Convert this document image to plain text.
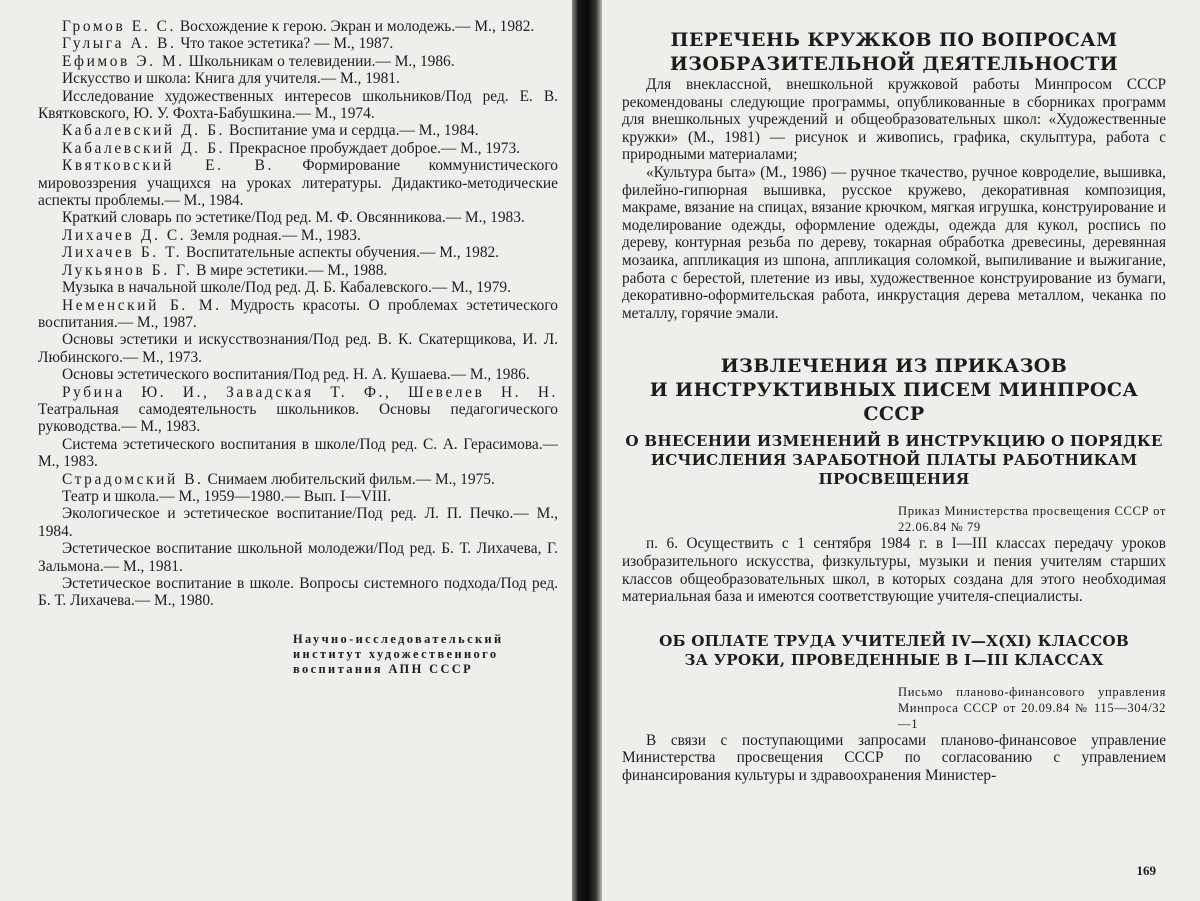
Громов Е. С. Восхождение к герою. Экран и молодежь.— М., 1982.
Гулыга А. В. Что такое эстетика? — М., 1987.
Ефимов Э. М. Школьникам о телевидении.— М., 1986.
Искусство и школа: Книга для учителя.— М., 1981.
Исследование художественных интересов школьников/Под ред. Е. В. Квятковского, Ю. У. Фохта-Бабушкина.— М., 1974.
Кабалевский Д. Б. Воспитание ума и сердца.— М., 1984.
Кабалевский Д. Б. Прекрасное пробуждает доброе.— М., 1973.
Квятковский Е. В. Формирование коммунистического мировоззрения учащихся на уроках литературы. Дидактико-методические аспекты проблемы.— М., 1984.
Краткий словарь по эстетике/Под ред. М. Ф. Овсянникова.— М., 1983.
Лихачев Д. С. Земля родная.— М., 1983.
Лихачев Б. Т. Воспитательные аспекты обучения.— М., 1982.
Лукьянов Б. Г. В мире эстетики.— М., 1988.
Музыка в начальной школе/Под ред. Д. Б. Кабалевского.— М., 1979.
Неменский Б. М. Мудрость красоты. О проблемах эстетического воспитания.— М., 1987.
Основы эстетики и искусствознания/Под ред. В. К. Скатерщикова, И. Л. Любинского.— М., 1973.
Основы эстетического воспитания/Под ред. Н. А. Кушаева.— М., 1986.
Рубина Ю. И., Завадская Т. Ф., Шевелев Н. Н. Театральная самодеятельность школьников. Основы педагогического руководства.— М., 1983.
Система эстетического воспитания в школе/Под ред. С. А. Герасимова.— М., 1983.
Страдомский В. Снимаем любительский фильм.— М., 1975.
Театр и школа.— М., 1959—1980.— Вып. I—VIII.
Экологическое и эстетическое воспитание/Под ред. Л. П. Печко.— М., 1984.
Эстетическое воспитание школьной молодежи/Под ред. Б. Т. Лихачева, Г. Зальмона.— М., 1981.
Эстетическое воспитание в школе. Вопросы системного подхода/Под ред. Б. Т. Лихачева.— М., 1980.
Научно-исследовательский
институт художественного
воспитания АПН СССР
ПЕРЕЧЕНЬ КРУЖКОВ ПО ВОПРОСАМ
ИЗОБРАЗИТЕЛЬНОЙ ДЕЯТЕЛЬНОСТИ

Для внеклассной, внешкольной кружковой работы Минпросом СССР рекомендованы следующие программы, опубликованные в сборниках программ для внешкольных учреждений и общеобразовательных школ: «Художественные кружки» (М., 1981) — рисунок и живопись, графика, скульптура, работа с природными материалами;

«Культура быта» (М., 1986) — ручное ткачество, ручное ковроделие, вышивка, филейно-гипюрная вышивка, русское кружево, декоративная композиция, макраме, вязание на спицах, вязание крючком, мягкая игрушка, конструирование и моделирование одежды, оформление одежды, одежда для кукол, роспись по дереву, контурная резьба по дереву, токарная обработка древесины, деревянная мозаика, аппликация из шпона, аппликация соломкой, выпиливание и выжигание, работа с берестой, плетение из ивы, художественное конструирование из бумаги, декоративно-оформительская работа, инкрустация дерева металлом, чеканка по металлу, горячие эмали.

ИЗВЛЕЧЕНИЯ ИЗ ПРИКАЗОВ
И ИНСТРУКТИВНЫХ ПИСЕМ МИНПРОСА СССР
О ВНЕСЕНИИ ИЗМЕНЕНИЙ В ИНСТРУКЦИЮ О ПОРЯДКЕ
ИСЧИСЛЕНИЯ ЗАРАБОТНОЙ ПЛАТЫ РАБОТНИКАМ
ПРОСВЕЩЕНИЯ
Приказ Министерства просвещения СССР от 22.06.84 № 79

п. 6. Осуществить с 1 сентября 1984 г. в I—III классах передачу уроков изобразительного искусства, физкультуры, музыки и пения учителям старших классов общеобразовательных школ, в которых создана для этого необходимая материальная база и имеются соответствующие учителя-специалисты.

ОБ ОПЛАТЕ ТРУДА УЧИТЕЛЕЙ IV—X(XI) КЛАССОВ
ЗА УРОКИ, ПРОВЕДЕННЫЕ В I—III КЛАССАХ
Письмо планово-финансового управления Минпроса СССР от 20.09.84 № 115—304/32—1

В связи с поступающими запросами планово-финансовое управление Министерства просвещения СССР по согласованию с управлением финансирования культуры и здравоохранения Министер-

169
